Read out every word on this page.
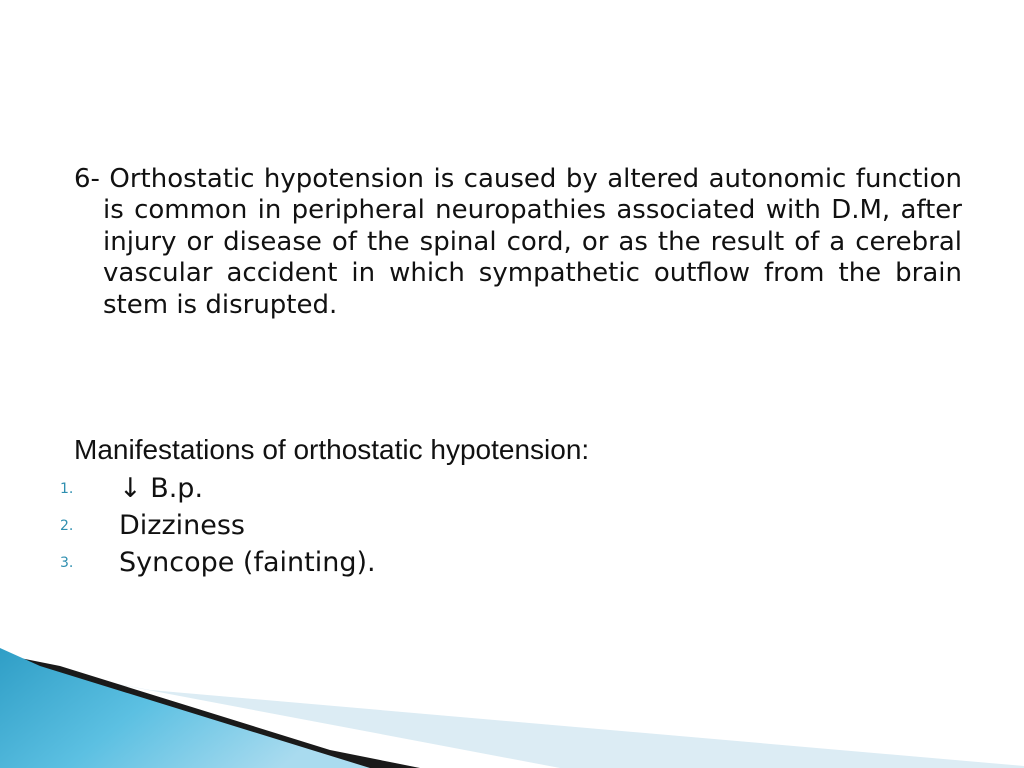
6- Orthostatic hypotension is caused by altered autonomic function is common in peripheral neuropathies associated with D.M, after injury or disease of the spinal cord, or as the result of a cerebral vascular accident in which sympathetic outflow from the brain stem is disrupted.
Manifestations of orthostatic hypotension:
1. ↓ B.p.
2. Dizziness
3. Syncope (fainting).
